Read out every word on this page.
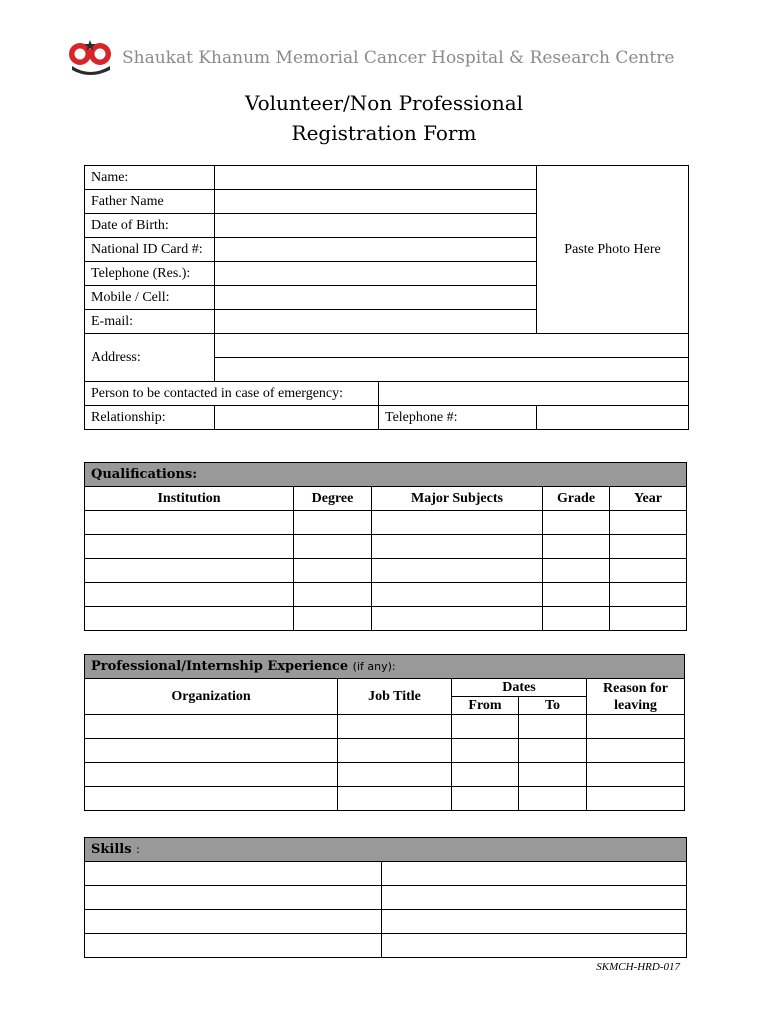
Shaukat Khanum Memorial Cancer Hospital & Research Centre
Volunteer/Non Professional
Registration Form
Name:			Paste Photo Here
Father Name			
Date of Birth:			
National ID Card #:			
Telephone (Res.):			
Mobile / Cell:			
E-mail:			
Address:			

Person to be contacted in case of emergency:			
Relationship:		Telephone #:	
Qualifications:				
Institution	Degree	Major Subjects	Grade	Year

Professional/Internship Experience (if any):				
Organization	Job Title	Dates		Reason for leaving
		From	To	

Skills :	

SKMCH-HRD-017
